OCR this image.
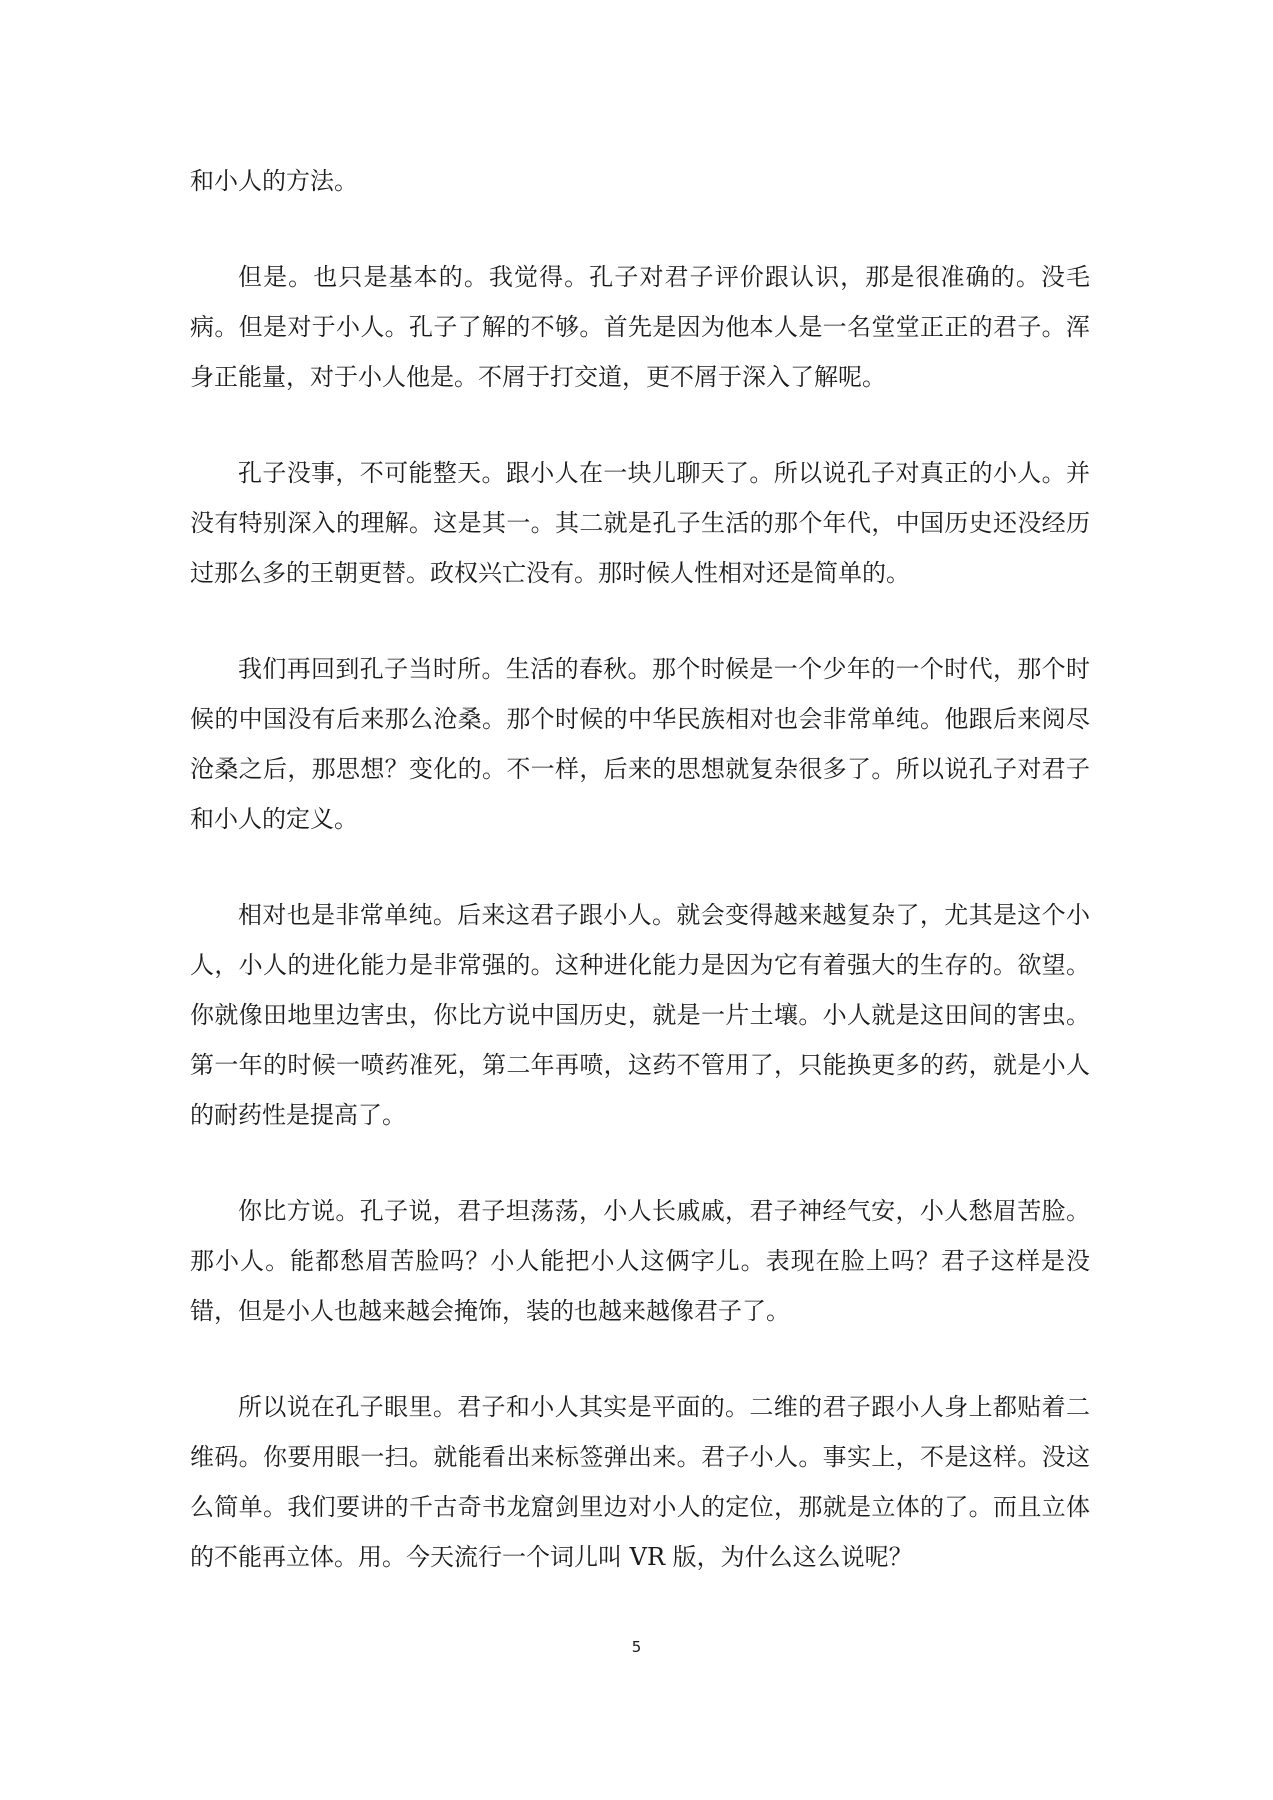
和小人的方法。

但是。也只是基本的。我觉得。孔子对君子评价跟认识，那是很准确的。没毛病。但是对于小人。孔子了解的不够。首先是因为他本人是一名堂堂正正的君子。浑身正能量，对于小人他是。不屑于打交道，更不屑于深入了解呢。

孔子没事，不可能整天。跟小人在一块儿聊天了。所以说孔子对真正的小人。并没有特别深入的理解。这是其一。其二就是孔子生活的那个年代，中国历史还没经历过那么多的王朝更替。政权兴亡没有。那时候人性相对还是简单的。

我们再回到孔子当时所。生活的春秋。那个时候是一个少年的一个时代，那个时候的中国没有后来那么沧桑。那个时候的中华民族相对也会非常单纯。他跟后来阅尽沧桑之后，那思想？变化的。不一样，后来的思想就复杂很多了。所以说孔子对君子和小人的定义。

相对也是非常单纯。后来这君子跟小人。就会变得越来越复杂了，尤其是这个小人，小人的进化能力是非常强的。这种进化能力是因为它有着强大的生存的。欲望。你就像田地里边害虫，你比方说中国历史，就是一片土壤。小人就是这田间的害虫。第一年的时候一喷药准死，第二年再喷，这药不管用了，只能换更多的药，就是小人的耐药性是提高了。

你比方说。孔子说，君子坦荡荡，小人长戚戚，君子神经气安，小人愁眉苦脸。那小人。能都愁眉苦脸吗？小人能把小人这俩字儿。表现在脸上吗？君子这样是没错，但是小人也越来越会掩饰，装的也越来越像君子了。

所以说在孔子眼里。君子和小人其实是平面的。二维的君子跟小人身上都贴着二维码。你要用眼一扫。就能看出来标签弹出来。君子小人。事实上，不是这样。没这么简单。我们要讲的千古奇书龙窟剑里边对小人的定位，那就是立体的了。而且立体的不能再立体。用。今天流行一个词儿叫 VR 版，为什么这么说呢？

5
